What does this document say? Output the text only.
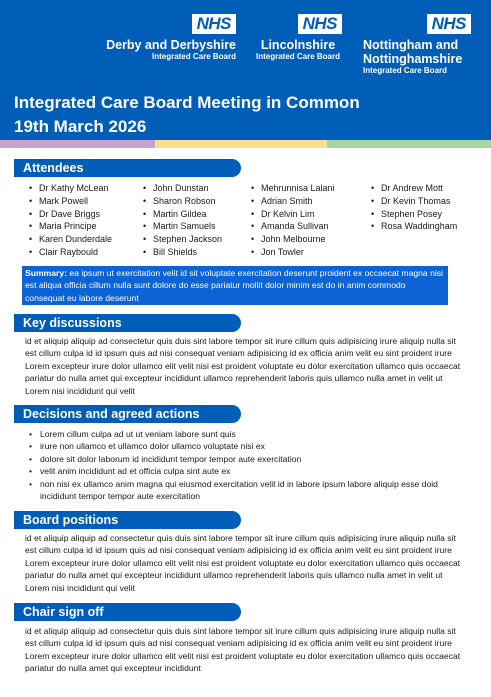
NHS
Derby and Derbyshire
Integrated Care Board
NHS
Lincolnshire
Integrated Care Board
NHS
Nottingham and
Nottinghamshire
Integrated Care Board
Integrated Care Board Meeting in Common
19th March 2026
Attendees
• Dr Kathy McLean
• Mark Powell
• Dr Dave Briggs
• Maria Principe
• Karen Dunderdale
• Clair Raybould
• John Dunstan
• Sharon Robson
• Martin Gildea
• Martin Samuels
• Stephen Jackson
• Bill Shields
• Mehrunnisa Lalani
• Adrian Smith
• Dr Kelvin Lim
• Amanda Sullivan
• John Melbourne
• Jon Towler
• Dr Andrew Mott
• Dr Kevin Thomas
• Stephen Posey
• Rosa Waddingham
Summary: ea ipsum ut exercitation velit id sit voluptate exercitation deserunt proident ex occaecat magna nisi est aliqua officia cillum nulla sunt dolore do esse pariatur mollit dolor minim est do in anim commodo consequat eu labore deserunt
Key discussions
id et aliquip aliquip ad consectetur quis duis sint labore tempor sit irure cillum quis adipisicing irure aliquip nulla sit est cillum culpa id id ipsum quis ad nisi consequat veniam adipisicing id ex officia anim velit eu sint proident irure Lorem excepteur irure dolor ullamco elit velit nisi est proident voluptate eu dolor exercitation ullamco quis occaecat pariatur do nulla amet qui excepteur incididunt ullamco reprehenderit laboris quis ullamco nulla amet in velit ut Lorem nisi incididunt qui velit
Decisions and agreed actions
• Lorem cillum culpa ad ut ut veniam labore sunt quis
• irure non ullamco et ullamco dolor ullamco voluptate nisi ex
• dolore sit dolor laborum id incididunt tempor tempor aute exercitation
• velit anim incididunt ad et officia culpa sint aute ex
• non nisi ex ullamco anim magna qui eiusmod exercitation velit id in labore ipsum labore aliquip esse doid incididunt tempor tempor aute exercitation
Board positions
id et aliquip aliquip ad consectetur quis duis sint labore tempor sit irure cillum quis adipisicing irure aliquip nulla sit est cillum culpa id id ipsum quis ad nisi consequat veniam adipisicing id ex officia anim velit eu sint proident irure Lorem excepteur irure dolor ullamco elit velit nisi est proident voluptate eu dolor exercitation ullamco quis occaecat pariatur do nulla amet qui excepteur incididunt ullamco reprehenderit laboris quis ullamco nulla amet in velit ut Lorem nisi incididunt qui velit
Chair sign off
id et aliquip aliquip ad consectetur quis duis sint labore tempor sit irure cillum quis adipisicing irure aliquip nulla sit est cillum culpa id id ipsum quis ad nisi consequat veniam adipisicing id ex officia anim velit eu sint proident irure Lorem excepteur irure dolor ullamco elit velit nisi est proident voluptate eu dolor exercitation ullamco quis occaecat pariatur do nulla amet qui excepteur incididunt
